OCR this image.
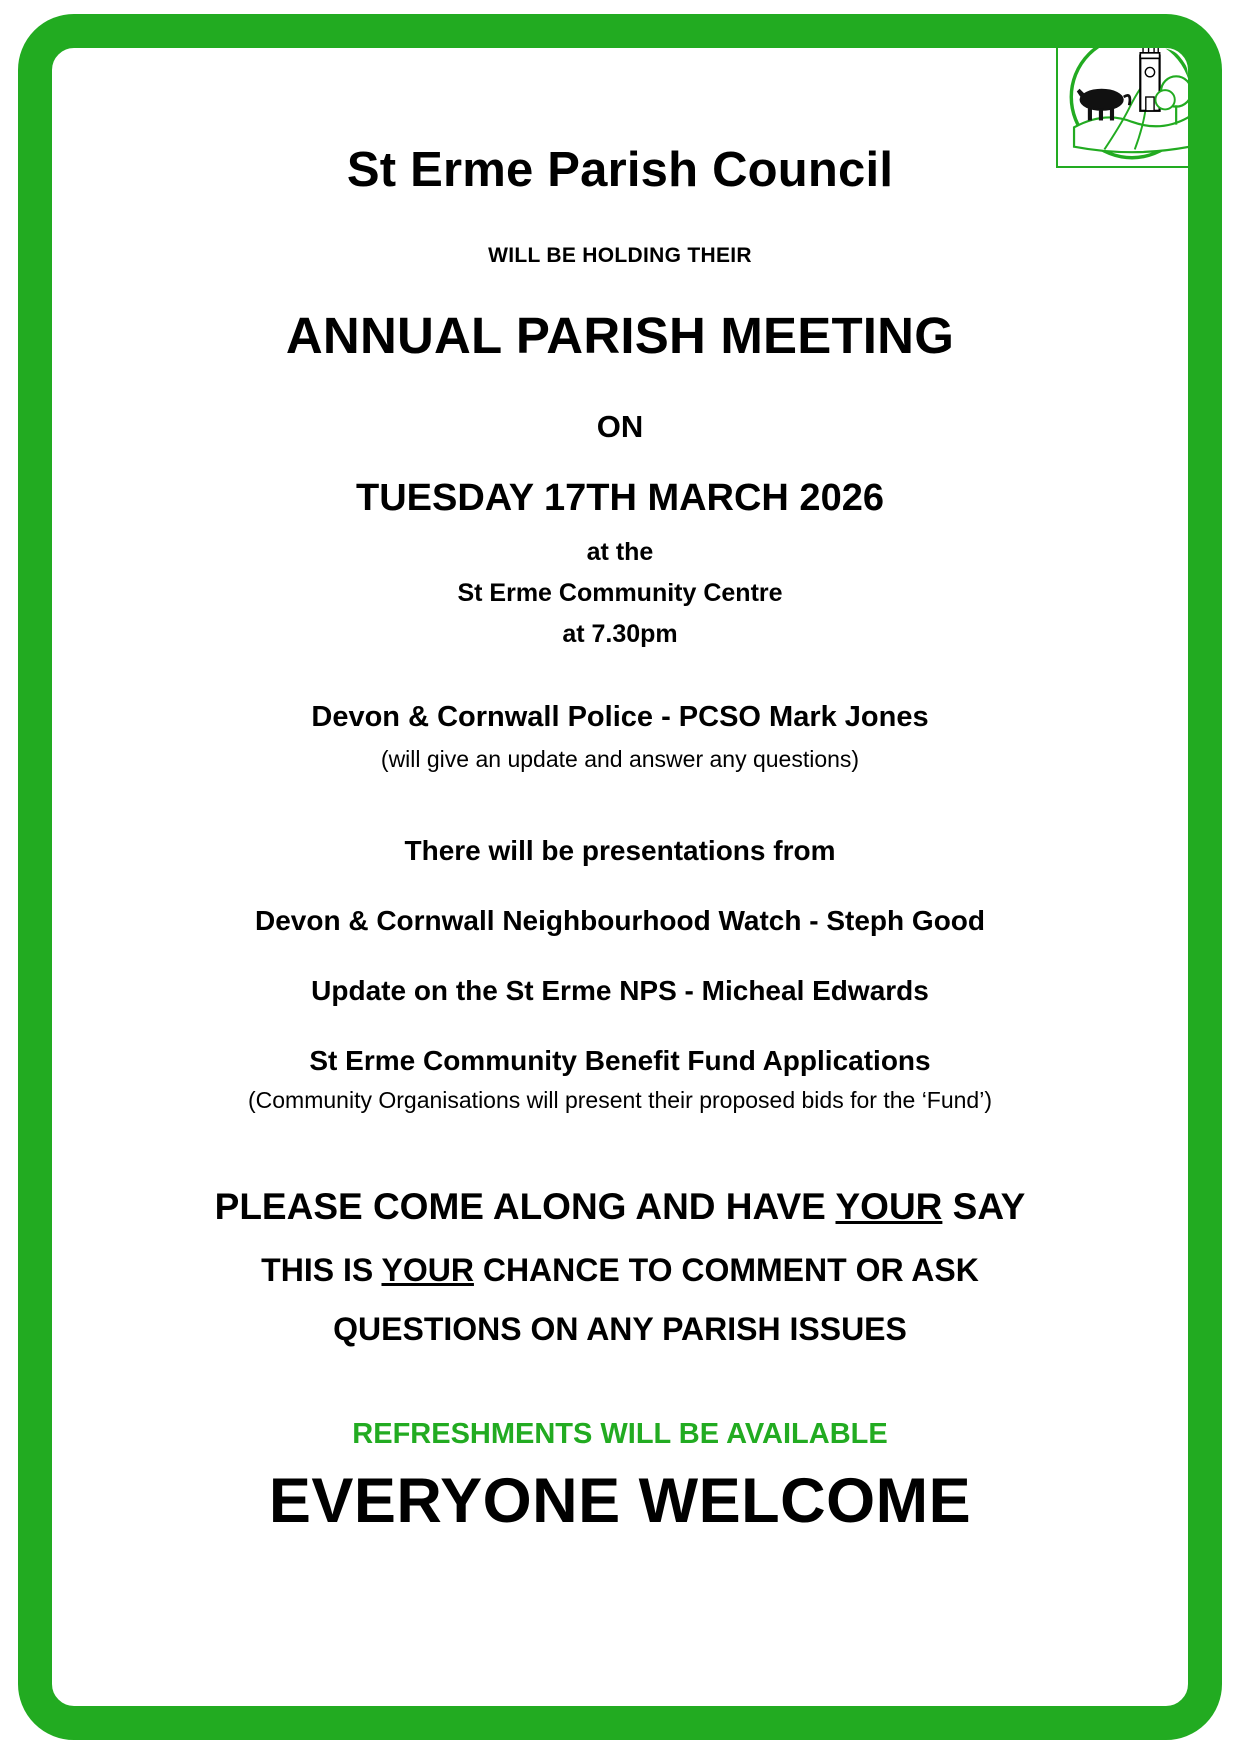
St Erme Parish Council
WILL BE HOLDING THEIR
ANNUAL PARISH MEETING
ON
TUESDAY 17TH MARCH 2026
at the
St Erme Community Centre
at 7.30pm
Devon & Cornwall Police - PCSO Mark Jones
(will give an update and answer any questions)
There will be presentations from
Devon & Cornwall Neighbourhood Watch - Steph Good
Update on the St Erme NPS - Micheal Edwards
St Erme Community Benefit Fund Applications
(Community Organisations will present their proposed bids for the ‘Fund’)
PLEASE COME ALONG AND HAVE YOUR SAY
THIS IS YOUR CHANCE TO COMMENT OR ASK
QUESTIONS ON ANY PARISH ISSUES
REFRESHMENTS WILL BE AVAILABLE
EVERYONE WELCOME
